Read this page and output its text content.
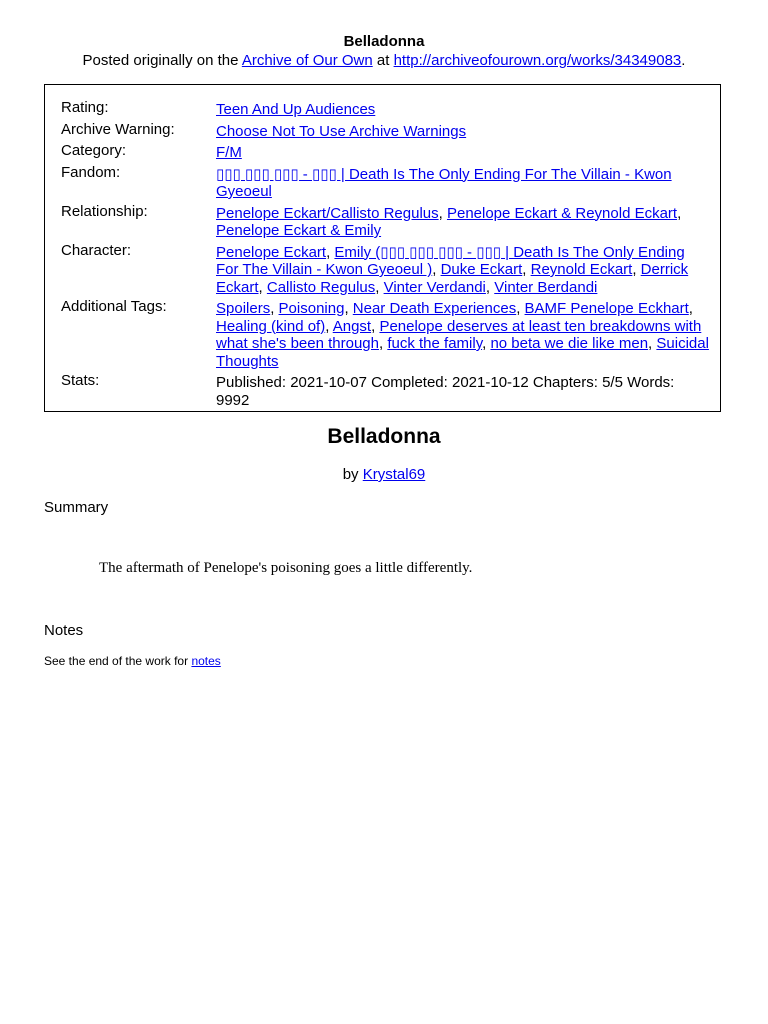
Belladonna
Posted originally on the Archive of Our Own at http://archiveofourown.org/works/34349083.
Rating:	Teen And Up Audiences
Archive Warning:	Choose Not To Use Archive Warnings
Category:	F/M
Fandom:	▯▯▯ ▯▯▯ ▯▯▯ - ▯▯▯ | Death Is The Only Ending For The Villain - Kwon Gyeoeul
Relationship:	Penelope Eckart/Callisto Regulus, Penelope Eckart & Reynold Eckart, Penelope Eckart & Emily
Character:	Penelope Eckart, Emily (▯▯▯ ▯▯▯ ▯▯▯ - ▯▯▯ | Death Is The Only Ending For The Villain - Kwon Gyeoeul ), Duke Eckart, Reynold Eckart, Derrick Eckart, Callisto Regulus, Vinter Verdandi, Vinter Berdandi
Additional Tags:	Spoilers, Poisoning, Near Death Experiences, BAMF Penelope Eckhart, Healing (kind of), Angst, Penelope deserves at least ten breakdowns with what she's been through, fuck the family, no beta we die like men, Suicidal Thoughts
Stats:	Published: 2021-10-07 Completed: 2021-10-12 Chapters: 5/5 Words: 9992
Belladonna
by Krystal69
Summary
The aftermath of Penelope's poisoning goes a little differently.
Notes
See the end of the work for notes
